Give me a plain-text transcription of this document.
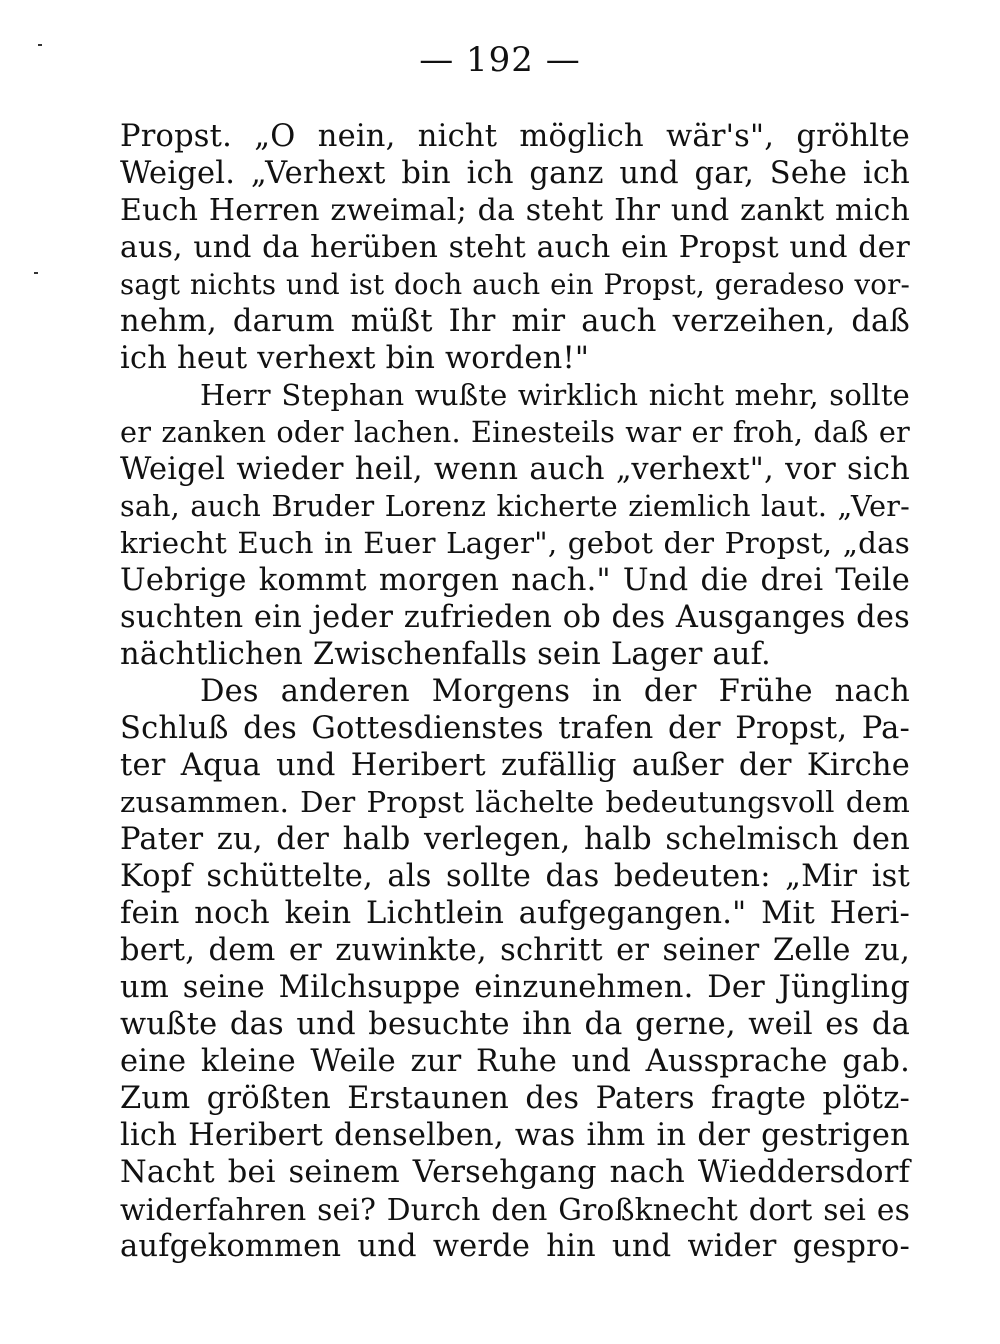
— 192 —
Propst. „O nein, nicht möglich wär's", gröhlte
Weigel. „Verhext bin ich ganz und gar, Sehe ich
Euch Herren zweimal; da steht Ihr und zankt mich
aus, und da herüben steht auch ein Propst und der
sagt nichts und ist doch auch ein Propst, geradeso vor-
nehm, darum müßt Ihr mir auch verzeihen, daß
ich heut verhext bin worden!"
Herr Stephan wußte wirklich nicht mehr, sollte
er zanken oder lachen. Einesteils war er froh, daß er
Weigel wieder heil, wenn auch „verhext", vor sich
sah, auch Bruder Lorenz kicherte ziemlich laut. „Ver-
kriecht Euch in Euer Lager", gebot der Propst, „das
Uebrige kommt morgen nach." Und die drei Teile
suchten ein jeder zufrieden ob des Ausganges des
nächtlichen Zwischenfalls sein Lager auf.
Des anderen Morgens in der Frühe nach
Schluß des Gottesdienstes trafen der Propst, Pa-
ter Aqua und Heribert zufällig außer der Kirche
zusammen. Der Propst lächelte bedeutungsvoll dem
Pater zu, der halb verlegen, halb schelmisch den
Kopf schüttelte, als sollte das bedeuten: „Mir ist
fein noch kein Lichtlein aufgegangen." Mit Heri-
bert, dem er zuwinkte, schritt er seiner Zelle zu,
um seine Milchsuppe einzunehmen. Der Jüngling
wußte das und besuchte ihn da gerne, weil es da
eine kleine Weile zur Ruhe und Aussprache gab.
Zum größten Erstaunen des Paters fragte plötz-
lich Heribert denselben, was ihm in der gestrigen
Nacht bei seinem Versehgang nach Wieddersdorf
widerfahren sei? Durch den Großknecht dort sei es
aufgekommen und werde hin und wider gespro-
